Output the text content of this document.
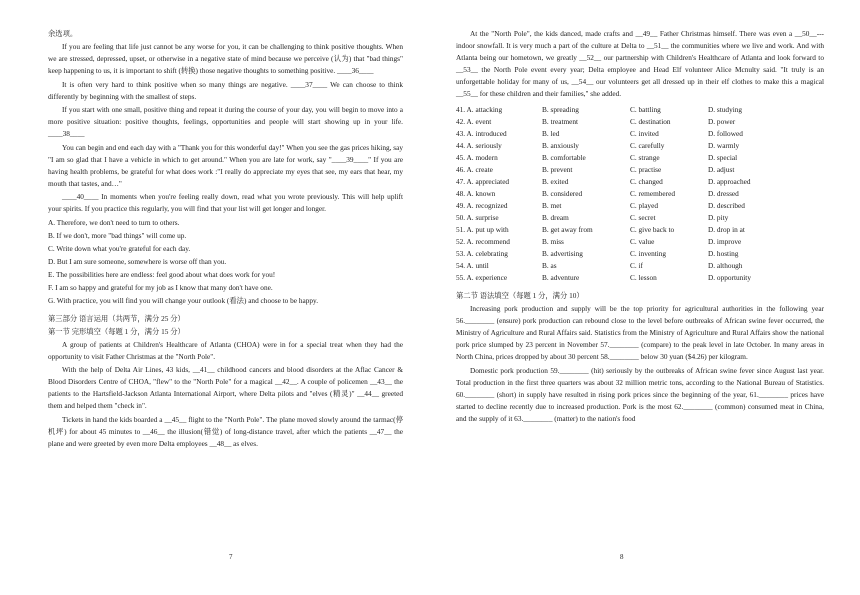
余选项。

If you are feeling that life just cannot be any worse for you, it can be challenging to think positive thoughts. When we are stressed, depressed, upset, or otherwise in a negative state of mind because we perceive (认为) that "bad things" keep happening to us, it is important to shift (转换) those negative thoughts to something positive. ____36____

It is often very hard to think positive when so many things are negative. ____37____ We can choose to think differently by beginning with the smallest of steps.

If you start with one small, positive thing and repeat it during the course of your day, you will begin to move into a more positive situation: positive thoughts, feelings, opportunities and people will start showing up in your life. ____38____

You can begin and end each day with a "Thank you for this wonderful day!" When you see the gas prices hiking, say "I am so glad that I have a vehicle in which to get around." When you are late for work, say "____39____" If you are having health problems, be grateful for what does work :"I really do appreciate my eyes that see, my ears that hear, my mouth that tastes, and…"

____40____ In moments when you're feeling really down, read what you wrote previously. This will help uplift your spirits. If you practice this regularly, you will find that your list will get longer and longer.

A. Therefore, we don't need to turn to others.

B. If we don't, more "bad things" will come up.

C. Write down what you're grateful for each day.

D. But I am sure someone, somewhere is worse off than you.

E. The possibilities here are endless: feel good about what does work for you!

F. I am so happy and grateful for my job as I know that many don't have one.

G. With practice, you will find you will change your outlook (看法) and choose to be happy.

第三部分 语言运用（共两节，满分 25 分）

第一节 完形填空（每题 1 分，满分 15 分）

A group of patients at Children's Healthcare of Atlanta (CHOA) were in for a special treat when they had the opportunity to visit Father Christmas at the "North Pole".

With the help of Delta Air Lines, 43 kids, __41__ childhood cancers and blood disorders at the Aflac Cancer & Blood Disorders Centre of CHOA, "flew" to the "North Pole" for a magical __42__. A couple of policemen __43__ the patients to the Hartsfield-Jackson Atlanta International Airport, where Delta pilots and "elves (精灵)" __44__ greeted them and helped them "check in".

Tickets in hand the kids boarded a __45__ flight to the "North Pole". The plane moved slowly around the tarmac(停机坪) for about 45 minutes to __46__ the illusion(错觉) of long-distance travel, after which the patients __47__ the plane and were greeted by even more Delta employees __48__ as elves.

7

At the "North Pole", the kids danced, made crafts and __49__ Father Christmas himself. There was even a __50__--- indoor snowfall. It is very much a part of the culture at Delta to __51__ the communities where we live and work. And with Atlanta being our hometown, we greatly __52__ our partnership with Children's Healthcare of Atlanta and look forward to __53__ the North Pole event every year; Delta employee and Head Elf volunteer Alice Mcnulty said. "It truly is an unforgettable holiday for many of us, __54__ our volunteers get all dressed up in their elf clothes to make this a magical __55__ for these children and their families," she added.

41. A. attacking	B. spreading	C. battling	D. studying
42. A. event	B. treatment	C. destination	D. power
43. A. introduced	B. led	C. invited	D. followed
44. A. seriously	B. anxiously	C. carefully	D. warmly
45. A. modern	B. comfortable	C. strange	D. special
46. A. create	B. prevent	C. practise	D. adjust
47. A. appreciated	B. exited	C. changed	D. approached
48. A. known	B. considered	C. remembered	D. dressed
49. A. recognized	B. met	C. played	D. described
50. A. surprise	B. dream	C. secret	D. pity
51. A. put up with	B. get away from	C. give back to	D. drop in at
52. A. recommend	B. miss	C. value	D. improve
53. A. celebrating	B. advertising	C. inventing	D. hosting
54. A. until	B. as	C. if	D. although
55. A. experience	B. adventure	C. lesson	D. opportunity

第二节 语法填空（每题 1 分，满分 10）

Increasing pork production and supply will be the top priority for agricultural authorities in the following year 56.________ (ensure) pork production can rebound close to the level before outbreaks of African swine fever occurred, the Ministry of Agriculture and Rural Affairs said. Statistics from the Ministry of Agriculture and Rural Affairs show the national pork price slumped by 23 percent in November 57.________ (compare) to the peak level in late October. In many areas in North China, prices dropped by about 30 percent 58.________ below 30 yuan ($4.26) per kilogram.

Domestic pork production 59.________ (hit) seriously by the outbreaks of African swine fever since August last year. Total production in the first three quarters was about 32 million metric tons, according to the National Bureau of Statistics. 60.________ (short) in supply have resulted in rising pork prices since the beginning of the year, 61.________ prices have started to decline recently due to increased production. Pork is the most 62.________ (common) consumed meat in China, and the supply of it 63.________ (matter) to the nation's food

8
